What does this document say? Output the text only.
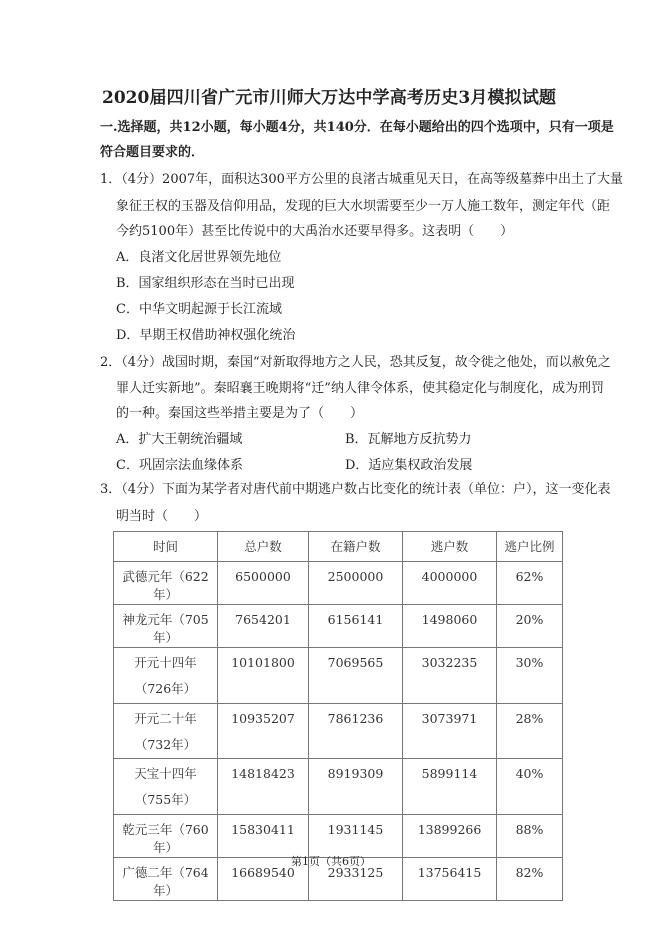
2020届四川省广元市川师大万达中学高考历史3月模拟试题
一.选择题，共12小题，每小题4分，共140分．在每小题给出的四个选项中，只有一项是
符合题目要求的．
1．（4分）2007年，面积达300平方公里的良渚古城重见天日，在高等级墓葬中出土了大量
象征王权的玉器及信仰用品，发现的巨大水坝需要至少一万人施工数年，测定年代（距
今约5100年）甚至比传说中的大禹治水还要早得多。这表明（　　）
A．良渚文化居世界领先地位
B．国家组织形态在当时已出现
C．中华文明起源于长江流域
D．早期王权借助神权强化统治
2．（4分）战国时期，秦国“对新取得地方之人民，恐其反复，故令徙之他处，而以赦免之
罪人迁实新地”。秦昭襄王晚期将“迁”纳人律令体系，使其稳定化与制度化，成为刑罚
的一种。秦国这些举措主要是为了（　　）
A．扩大王朝统治疆域	B．瓦解地方反抗势力
C．巩固宗法血缘体系	D．适应集权政治发展
3．（4分）下面为某学者对唐代前中期逃户数占比变化的统计表（单位：户），这一变化表
明当时（　　）
时间	总户数	在籍户数	逃户数	逃户比例
武德元年（622年）	6500000	2500000	4000000	62%
神龙元年（705年）	7654201	6156141	1498060	20%
开元十四年（726年）	10101800	7069565	3032235	30%
开元二十年（732年）	10935207	7861236	3073971	28%
天宝十四年（755年）	14818423	8919309	5899114	40%
乾元三年（760年）	15830411	1931145	13899266	88%
广德二年（764年）	16689540	2933125	13756415	82%
第1页（共6页）
